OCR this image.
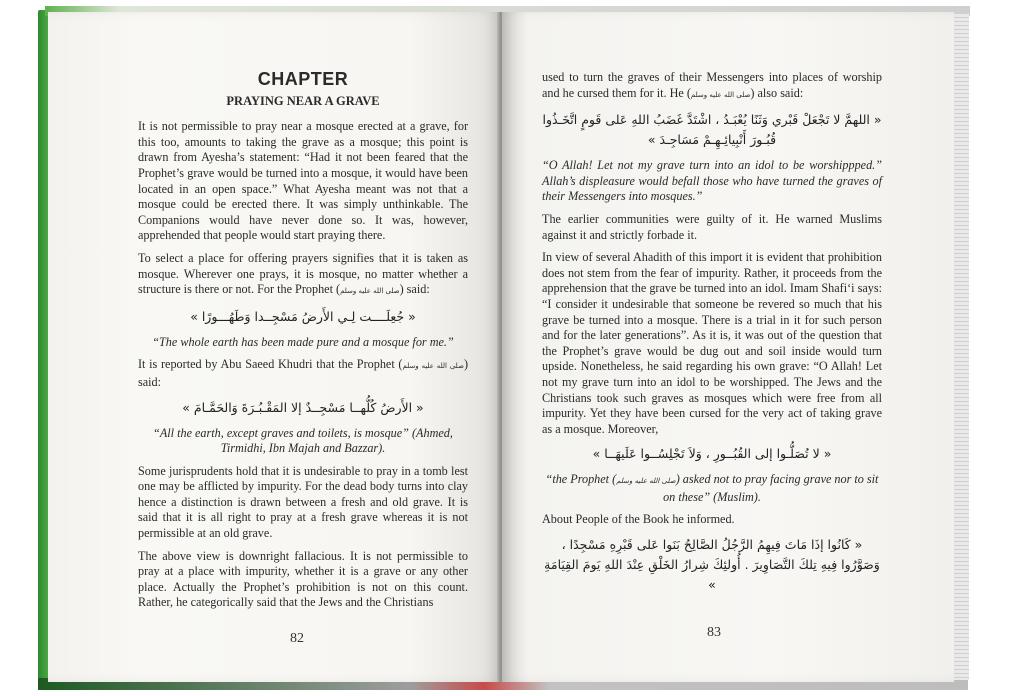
CHAPTER
PRAYING NEAR A GRAVE

It is not permissible to pray near a mosque erected at a grave, for this too, amounts to taking the grave as a mosque; this point is drawn from Ayesha’s statement: “Had it not been feared that the Prophet’s grave would be turned into a mosque, it would have been located in an open space.” What Ayesha meant was not that a mosque could be erected there. It was simply unthinkable. The Companions would have never done so. It was, however, apprehended that people would start praying there.

To select a place for offering prayers signifies that it is taken as mosque. Wherever one prays, it is mosque, no matter whether a structure is there or not. For the Prophet (صلى الله عليه وسلم) said:

« جُعِلَــــت لِـي الأَرضُ مَسْجِــدا وَطَهُـــورًا »

“The whole earth has been made pure and a mosque for me.”

It is reported by Abu Saeed Khudri that the Prophet (صلى الله عليه وسلم) said:

« الأَرضُ كُلُّهــا مَسْجِــدٌ إلا المَقْـبُـرَةَ وَالحَمَّـامَ »

“All the earth, except graves and toilets, is mosque” (Ahmed, Tirmidhi, Ibn Majah and Bazzar).

Some jurisprudents hold that it is undesirable to pray in a tomb lest one may be afflicted by impurity. For the dead body turns into clay hence a distinction is drawn between a fresh and old grave. It is said that it is all right to pray at a fresh grave whereas it is not permissible at an old grave.

The above view is downright fallacious. It is not permissible to pray at a place with impurity, whether it is a grave or any other place. Actually the Prophet’s prohibition is not on this count. Rather, he categorically said that the Jews and the Christians

82

used to turn the graves of their Messengers into places of worship and he cursed them for it. He (صلى الله عليه وسلم) also said:

« اللهمَّ لا تَجْعَلْ قَبْري وَثَنًا يُعْبَـدُ ، اشْتَدَّ غَضَبُ اللهِ عَلى قَومٍ اتَّخَـذُوا قُبُـورَ أَنْبِيائِـهِـمْ مَسَاجِـدَ »

“O Allah! Let not my grave turn into an idol to be worshippped.” Allah’s displeasure would befall those who have turned the graves of their Messengers into mosques.”

The earlier communities were guilty of it. He warned Muslims against it and strictly forbade it.

In view of several Ahadith of this import it is evident that prohibition does not stem from the fear of impurity. Rather, it proceeds from the apprehension that the grave be turned into an idol. Imam Shafi‘i says: “I consider it undesirable that someone be revered so much that his grave be turned into a mosque. There is a trial in it for such person and for the later generations”. As it is, it was out of the question that the Prophet’s grave would be dug out and soil inside would turn upside. Nonetheless, he said regarding his own grave: “O Allah! Let not my grave turn into an idol to be worshipped. The Jews and the Christians took such graves as mosques which were free from all impurity. Yet they have been cursed for the very act of taking grave as a mosque. Moreover,

« لا تُصَلُّـوا إلى القُبُــورِ ، وَلاَ تَجْلِسُــوا عَلَيهَــا »

“the Prophet (صلى الله عليه وسلم) asked not to pray facing grave nor to sit on these” (Muslim).

About People of the Book he informed.

« كَانُوا إذَا مَاتَ فِيهِمُ الرَّجُلُ الصَّالِحُ بَنَوا عَلى قَبْرِهِ مَسْجِدًا ، وَصَوَّرُوا فِيهِ تِلكَ التَّصَاوِيرَ . أُولئِكَ شِرارُ الخَلْقِ عِنْدَ اللهِ يَومَ القِيَامَةِ »
83
